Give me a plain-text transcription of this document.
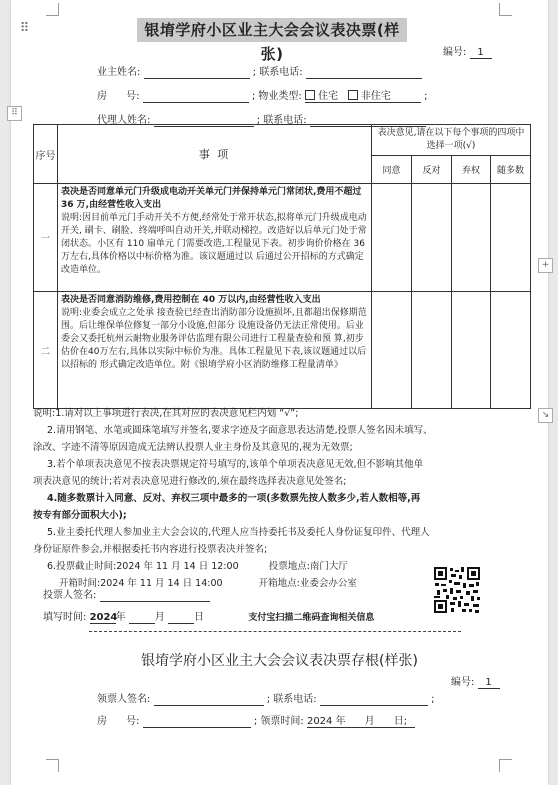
银堉学府小区业主大会会议表决票(样张)	编号: 1
业主姓名:	; 联系电话:
房      号:	; 物业类型: 住宅 非住宅	;
代理人姓名:	; 联系电话:
序号	事 项	表决意见,请在以下每个事项的四项中选择一项(√)			
		同意	反对	弃权	随多数
一	表决是否同意单元门升级成电动开关单元门并保持单元门常闭状,费用不超过 36 万,由经营性收入支出
说明:因目前单元门手动开关不方便,经常处于常开状态,拟将单元门升级成电动开关, 刷卡、刷脸、终端呼叫自动开关,并联动梯控。改造好以后单元门处于常闭状态。小区有 110 扇单元 门需要改造,工程量见下表。初步询价价格在 36 万左右,具体价格以中标价格为准。该议题通过以 后通过公开招标的方式确定改造单位。				

二	表决是否同意消防维修,费用控制在 40 万以内,由经营性收入支出
说明:业委会成立之处承 接查验已经查出消防部分设施损坏,且都超出保修期范围。后让维保单位修复一部分小设施,但部分 设施设备仍无法正常使用。后业委会又委托杭州云耐物业服务评估监理有限公司进行工程量查验和预 算,初步估价在40万左右,具体以实际中标价为准。具体工程量见下表,该议题通过以后以招标的 形式确定改造单位。附《银堉学府小区消防维修工程量清单》				

说明:1.请对以上事项进行表决,在其对应的表决意见栏内划 “√”;
2.请用钢笔、水笔或圆珠笔填写并签名,要求字迹及字面意思表达清楚,投票人签名因未填写、
涂改、字迹不清等原因造成无法辨认投票人业主身份及其意见的,视为无效票;
3.若个单项表决意见不按表决票规定符号填写的,该单个单项表决意见无效,但不影响其他单
项表决意见的统计;若对表决意见进行修改的,须在最终选择表决意见处签名;
4.随多数票计入同意、反对、弃权三项中最多的一项(多数票先按人数多少,若人数相等,再
按专有部分面积大小);
5.业主委托代理人参加业主大会会议的,代理人应当持委托书及委托人身份证复印件、代理人
身份证原件参会,并根据委托书内容进行投票表决并签名;
6.投票截止时间:2024 年 11 月 14 日 12:00	投票地点:南门大厅
开箱时间:2024 年 11 月 14 日 14:00	开箱地点:业委会办公室
投票人签名:
填写时间: 2024年	月	日	支付宝扫描二维码查询相关信息
银堉学府小区业主大会会议表决票存根(样张)
编号: 1
领票人签名:	; 联系电话:	;
房      号:	; 领票时间: 2024 年 月 日;
⠿
⠿
+
↘
